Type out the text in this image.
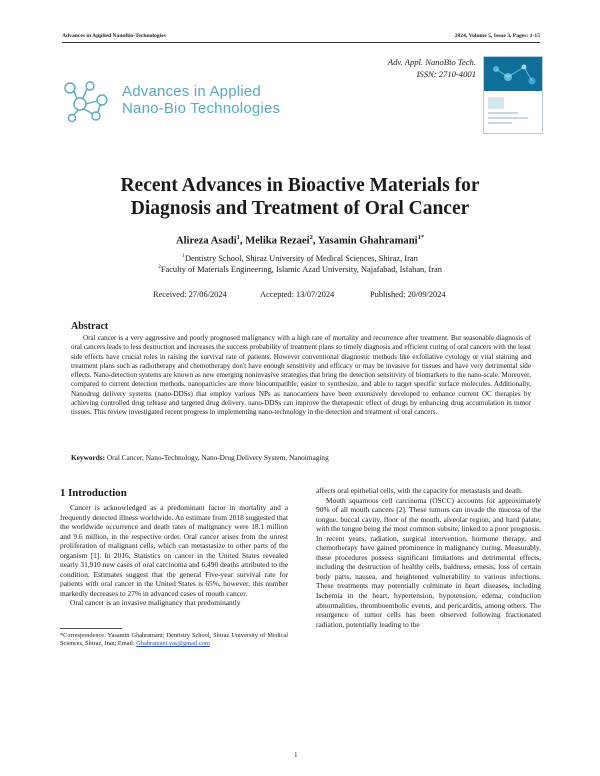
Advances in Applied NanoBio-Technologies	2024, Volume 5, Issue 3, Pages: 1-15
Adv. Appl. NanoBio Tech.
ISSN: 2710-4001
Advances in Applied
Nano-Bio Technologies
Recent Advances in Bioactive Materials for
Diagnosis and Treatment of Oral Cancer
Alireza Asadi$^1$, Melika Rezaei$^2$, Yasamin Ghahramani$^{1*}$
$^1$Dentistry School, Shiraz University of Medical Sciences, Shiraz, Iran
$^2$Faculty of Materials Engineering, Islamic Azad University, Najafabad, Isfahan, Iran
Received: 27/06/2024	Accepted: 13/07/2024	Published: 20/09/2024
Abstract
Oral cancer is a very aggressive and poorly prognosed malignancy with a high rate of mortality and recurrence after treatment. But seasonable diagnosis of oral cancers leads to less destruction and increases the success probability of treatment plans so timely diagnosis and efficient curing of oral cancers with the least side effects have crucial roles in raising the survival rate of patients. However conventional diagnostic methods like exfoliative cytology or vital staining and treatment plans such as radiotherapy and chemotherapy don't have enough sensitivity and efficacy or may be invasive for tissues and have very detrimental side effects. Nano-detection systems are known as new emerging noninvasive strategies that bring the detection sensitivity of biomarkers to the nano-scale. Moreover, compared to current detection methods, nanoparticles are more biocompatible, easier to synthesize, and able to target specific surface molecules. Additionally, Nanodrug delivery systems (nano-DDSs) that employ various NPs as nanocarriers have been extensively developed to enhance current OC therapies by achieving controlled drug release and targeted drug delivery. nano-DDSs can improve the therapeutic effect of drugs by enhancing drug accumulation in tumor tissues. This review investigated recent progress in implementing nano-technology in the detection and treatment of oral cancers.
Keywords: Oral Cancer, Nano-Technology, Nano-Drug Delivery System, Nanoimaging
1 Introduction

Cancer is acknowledged as a predominant factor in mortality and a frequently detected illness worldwide. An estimate from 2018 suggested that the worldwide occurrence and death rates of malignancy were 18.1 million and 9.6 million, in the respective order. Oral cancer arises from the unrest proliferation of malignant cells, which can metastasize to other parts of the organism [1]. In 2016, Statistics on cancer in the United States revealed nearly 31,910 new cases of oral carcinoma and 6,490 deaths attributed to the condition. Estimates suggest that the general Five-year survival rate for patients with oral cancer in the United States is 65%, however, this number markedly decreases to 27% in advanced cases of mouth cancer.

Oral cancer is an invasive malignancy that predominantly

*Correspondence: Yasamin Ghahramani; Dentistry School, Shiraz University of Medical Sciences, Shiraz, Iran; Email: Ghahramani.yas@gmail.com

affects oral epithelial cells, with the capacity for metastasis and death.

Mouth squamous cell carcinoma (OSCC) accounts for approximately 90% of all mouth cancers [2]. These tumors can invade the mucosa of the tongue, buccal cavity, floor of the mouth, alveolar region, and hard palate, with the tongue being the most common subsite, linked to a poor prognosis. In recent years, radiation, surgical intervention, hormone therapy, and chemotherapy have gained prominence in malignancy curing. Measurably, these procedures possess significant limitations and detrimental effects, including the destruction of healthy cells, baldness, emesis, loss of certain body parts, nausea, and heightened vulnerability to various infections. These treatments may potentially culminate in heart diseases, including Ischemia in the heart, hypertension, hypotension, edema, conduction abnormalities, thromboembolic events, and pericarditis, among others. The resurgence of tumor cells has been observed following fractionated radiation, potentially leading to the

1
